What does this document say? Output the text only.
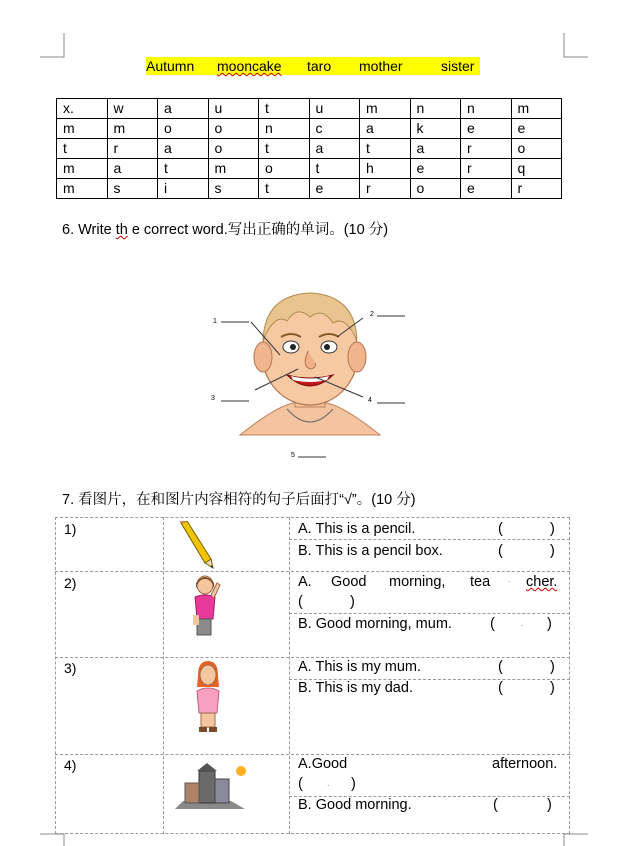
Autumn mooncake taro mother	sister
x.	w	a	u	t	u	m	n	n	m
m	m	o	o	n	c	a	k	e	e
t	r	a	o	t	a	t	a	r	o
m	a	t	m	o	t	h	e	r	q
m	s	i	s	t	e	r	o	e	r
6. Write th e correct word.写出正确的单词。(10 分)
1
2
3	4
5
7. 看图片，在和图片内容相符的句子后面打“√”。(10 分)
1)	A. This is a pencil.	(	)
B. This is a pencil box.	(	)
2)	A. Good morning, tea . cher.
(	)
B. Good morning, mum.	(	. )
3)	A. This is my mum.	(	)
B. This is my dad.	(	)
4)	A.Good	afternoon.
(	. )
B. Good morning.	(	)
